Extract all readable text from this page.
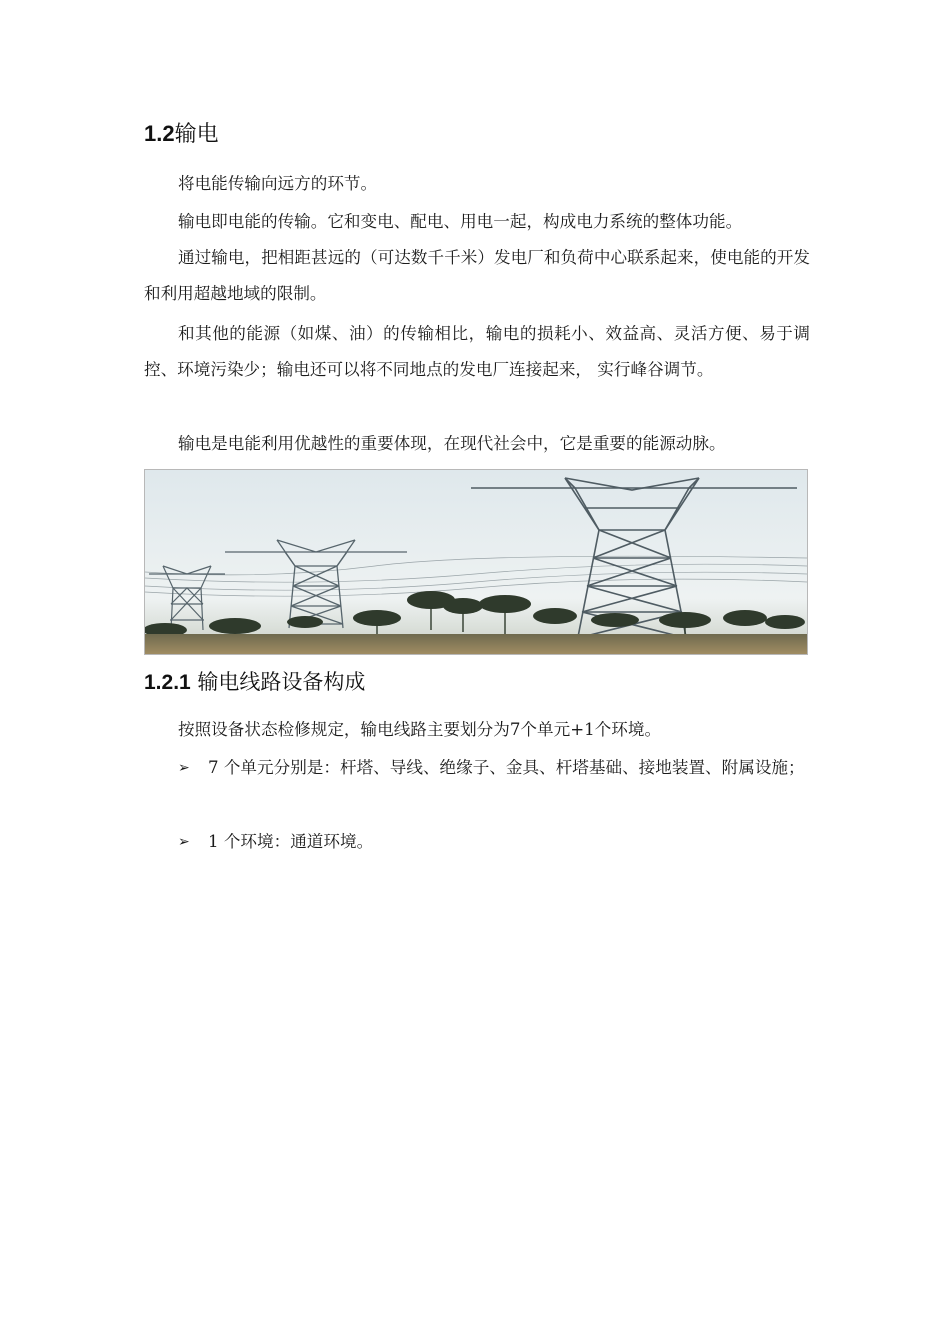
1.2输电

将电能传输向远方的环节。

输电即电能的传输。它和变电、配电、用电一起，构成电力系统的整体功能。

通过输电，把相距甚远的（可达数千千米）发电厂和负荷中心联系起来，使电能的开发和利用超越地域的限制。

和其他的能源（如煤、油）的传输相比，输电的损耗小、效益高、灵活方便、易于调控、环境污染少；输电还可以将不同地点的发电厂连接起来， 实行峰谷调节。

输电是电能利用优越性的重要体现，在现代社会中，它是重要的能源动脉。

1.2.1 输电线路设备构成

按照设备状态检修规定，输电线路主要划分为7个单元+1个环境。

➢ 7 个单元分别是：杆塔、导线、绝缘子、金具、杆塔基础、接地装置、附属设施；
➢ 1 个环境：通道环境。
